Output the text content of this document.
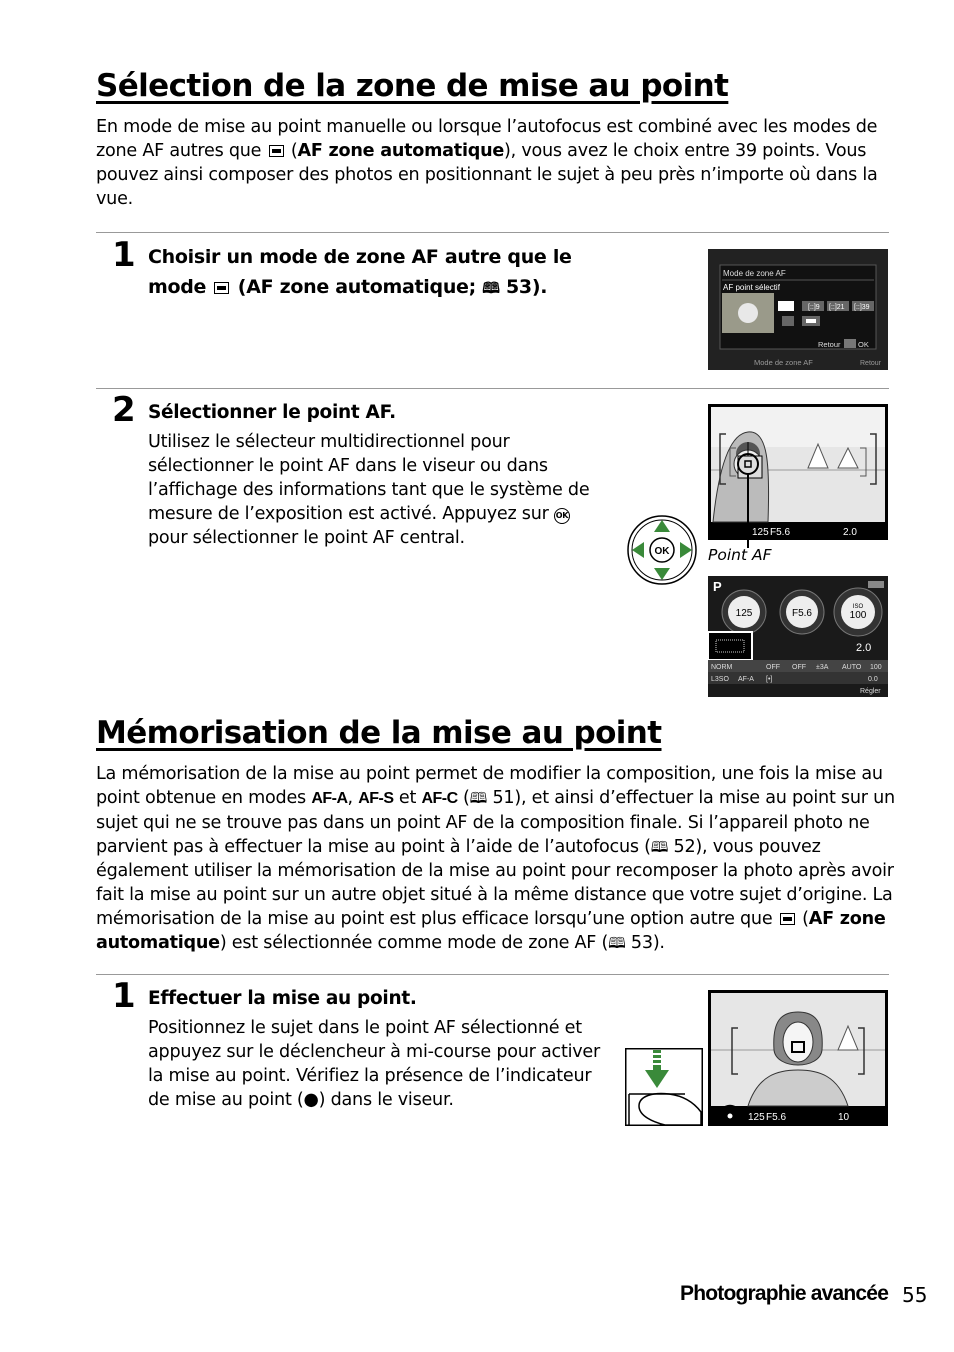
Sélection de la zone de mise au point
En mode de mise au point manuelle ou lorsque l’autofocus est combiné avec les modes de zone AF autres que (AF zone automatique), vous avez le choix entre 39 points. Vous pouvez ainsi composer des photos en positionnant le sujet à peu près n’importe où dans la vue.
1 Choisir un mode de zone AF autre que le mode (AF zone automatique; 🕮 53).
Mode de zone AF
AF point sélectif
[::]9 [::]21 [::]39
Retour OK
Mode de zone AF	Retour
2 Sélectionner le point AF.
Utilisez le sélecteur multidirectionnel pour sélectionner le point AF dans le viseur ou dans l’affichage des informations tant que le système de mesure de l’exposition est activé. Appuyez sur OK pour sélectionner le point AF central.
OK
125 F5.6	2.0
Point AF
P
125	F5.6
ISO
100
2.0
NORM	OFF OFF ±3A AUTO 100
L3SO AF-A [•]	0.0
Régler
Mémorisation de la mise au point
La mémorisation de la mise au point permet de modifier la composition, une fois la mise au point obtenue en modes AF-A, AF-S et AF-C (🕮 51), et ainsi d’effectuer la mise au point sur un sujet qui ne se trouve pas dans un point AF de la composition finale. Si l’appareil photo ne parvient pas à effectuer la mise au point à l’aide de l’autofocus (🕮 52), vous pouvez également utiliser la mémorisation de la mise au point pour recomposer la photo après avoir fait la mise au point sur un autre objet situé à la même distance que votre sujet d’origine. La mémorisation de la mise au point est plus efficace lorsqu’une option autre que  (AF zone automatique) est sélectionnée comme mode de zone AF (🕮 53).
1 Effectuer la mise au point.
Positionnez le sujet dans le point AF sélectionné et appuyez sur le déclencheur à mi-course pour activer la mise au point. Vérifiez la présence de l’indicateur de mise au point (●) dans le viseur.
125 F5.6	10
Photographie avancée 55
